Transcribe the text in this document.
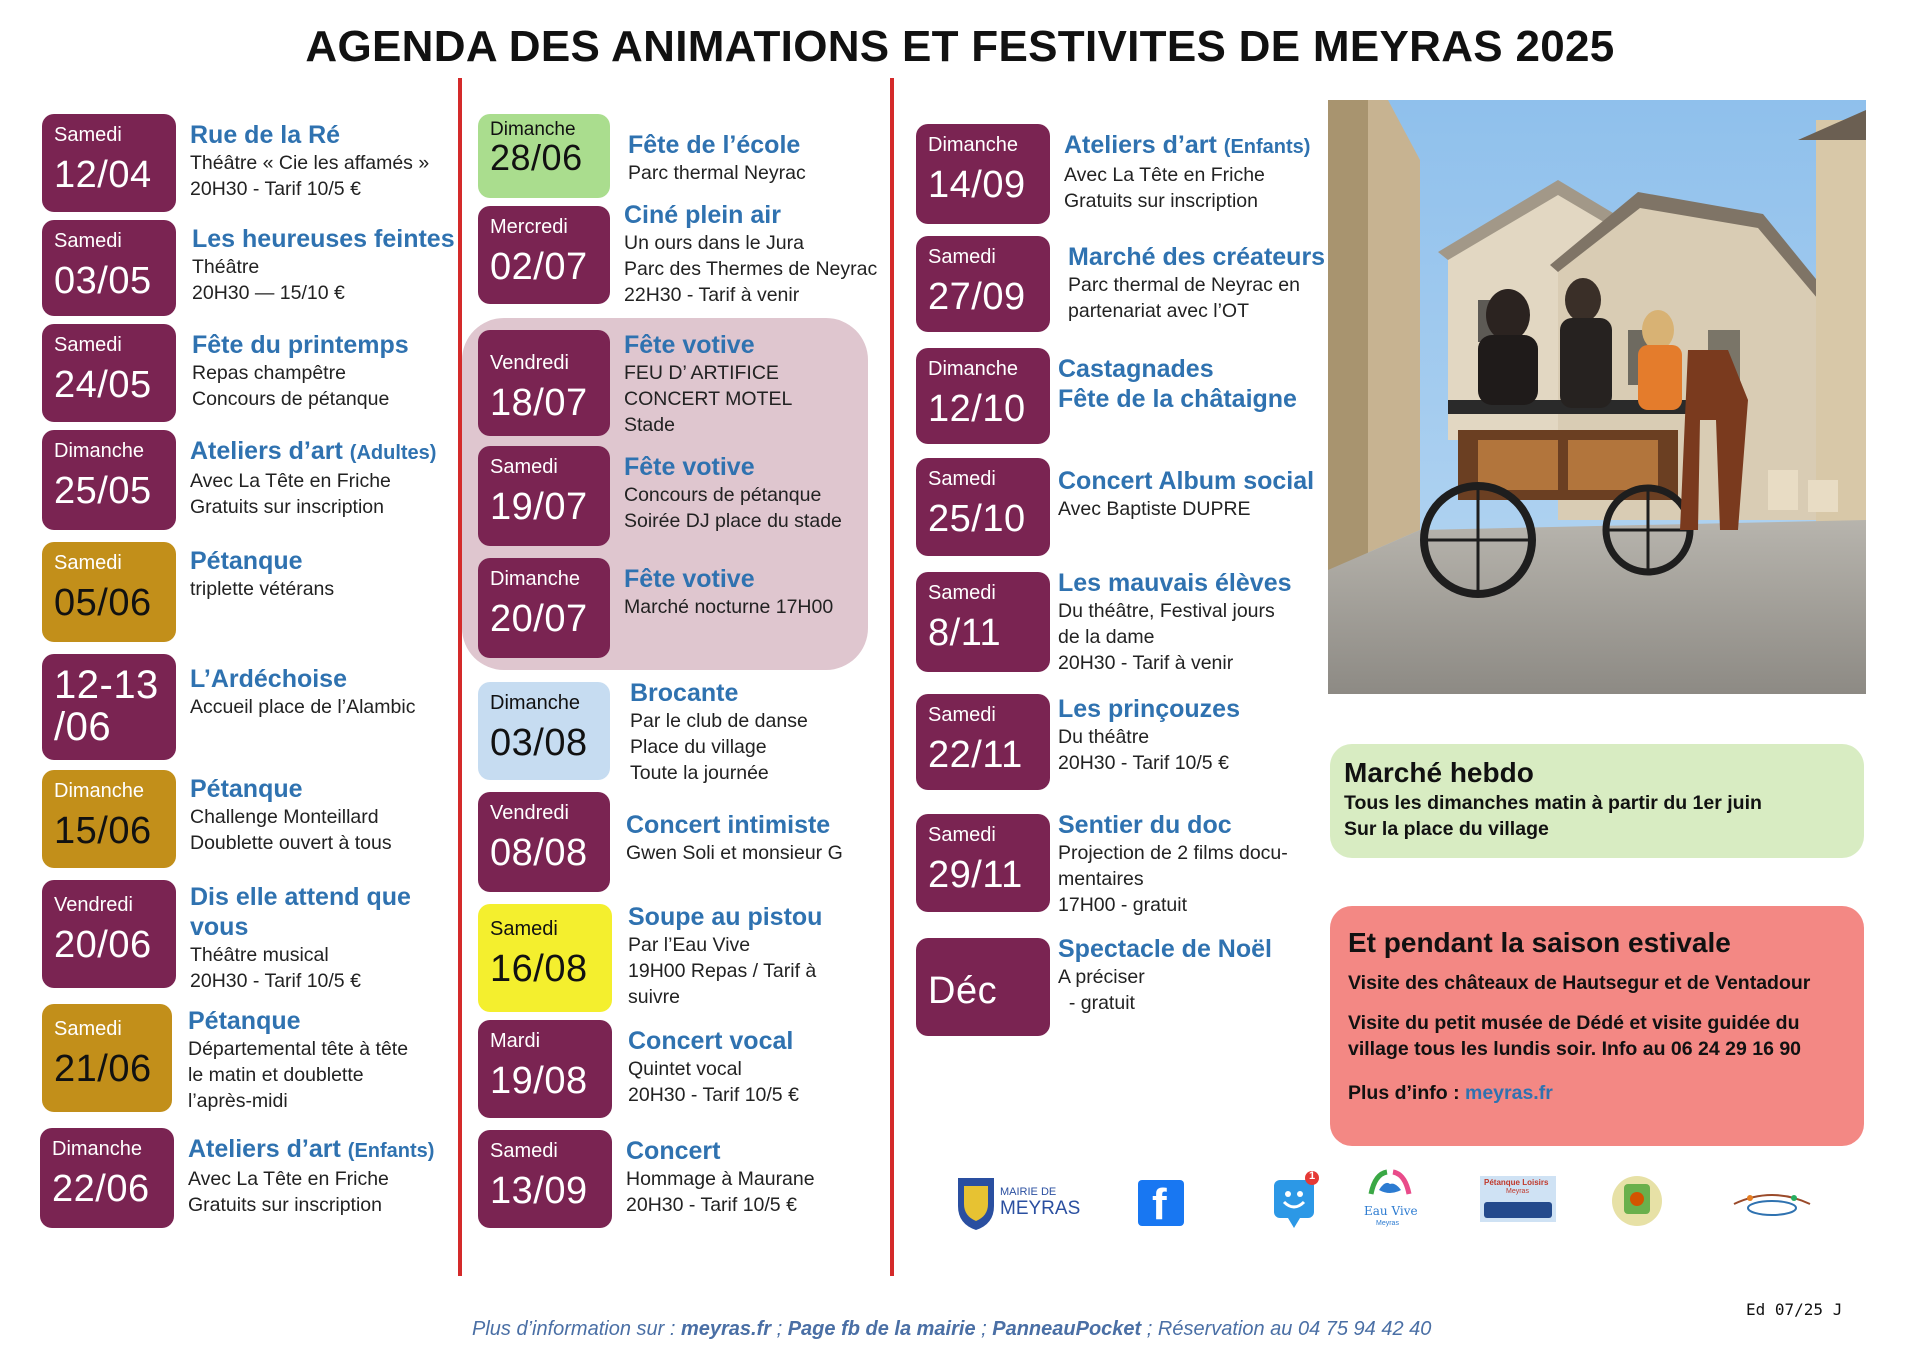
AGENDA DES ANIMATIONS ET FESTIVITES DE MEYRAS 2025
Samedi
12/04
Rue de la Ré
Théâtre « Cie les affamés »
20H30 - Tarif 10/5 €
Samedi
03/05
Les heureuses feintes
Théâtre
20H30 — 15/10 €
Samedi
24/05
Fête du printemps
Repas champêtre
Concours de pétanque
Dimanche
25/05
Ateliers d’art (Adultes)
Avec La Tête en Friche
Gratuits sur inscription
Samedi
05/06
Pétanque
triplette vétérans
12-13
/06
L’Ardéchoise
Accueil place de l’Alambic
Dimanche
15/06
Pétanque
Challenge Monteillard
Doublette ouvert à tous
Vendredi
20/06
Dis elle attend que
vous
Théâtre musical
20H30 - Tarif 10/5 €
Samedi
21/06
Pétanque
Départemental tête à tête
le matin et doublette
l’après-midi
Dimanche
22/06
Ateliers d’art (Enfants)
Avec La Tête en Friche
Gratuits sur inscription
Dimanche
28/06	Fête de l’école
Parc thermal Neyrac
Mercredi
02/07
Ciné plein air
Un ours dans le Jura
Parc des Thermes de Neyrac
22H30 - Tarif à venir
Vendredi
18/07
Fête votive
FEU D’ ARTIFICE
CONCERT MOTEL
Stade
Samedi
19/07
Fête votive
Concours de pétanque
Soirée DJ place du stade
Dimanche
20/07
Fête votive
Marché nocturne 17H00
Dimanche
03/08
Brocante
Par le club de danse
Place du village
Toute la journée
Vendredi
08/08
Concert intimiste
Gwen Soli et monsieur G
Samedi
16/08
Soupe au pistou
Par l’Eau Vive
19H00 Repas / Tarif à
suivre
Mardi
19/08
Concert vocal
Quintet vocal
20H30 - Tarif 10/5 €
Samedi
13/09
Concert
Hommage à Maurane
20H30 - Tarif 10/5 €
Dimanche
14/09
Ateliers d’art (Enfants)
Avec La Tête en Friche
Gratuits sur inscription
Samedi
27/09
Marché des créateurs
Parc thermal de Neyrac en
partenariat avec l’OT
Dimanche
12/10
Castagnades
Fête de la châtaigne
Samedi
25/10
Concert Album social
Avec Baptiste DUPRE
Samedi
8/11
Les mauvais élèves
Du théâtre, Festival jours
de la dame
20H30 - Tarif à venir
Samedi
22/11
Les prinçouzes
Du théâtre
20H30 - Tarif 10/5 €
Samedi
29/11
Sentier du doc
Projection de 2 films docu-
mentaires
17H00 - gratuit
Déc
Spectacle de Noël
A préciser
- gratuit
Marché hebdo

Tous les dimanches matin à partir du 1er juin

Sur la place du village

Et pendant la saison estivale

Visite des châteaux de Hautsegur et de Ventadour

Visite du petit musée de Dédé et visite guidée du

village tous les lundis soir. Info au 06 24 29 16 90

Plus d’info : meyras.fr

MAIRIE DE
MEYRAS f
1
Eau Vive
Meyras
Pétanque Loisirs
Meyras
Plus d’information sur : meyras.fr ; Page fb de la mairie ; PanneauPocket ; Réservation au 04 75 94 42 40
Ed 07/25 J
